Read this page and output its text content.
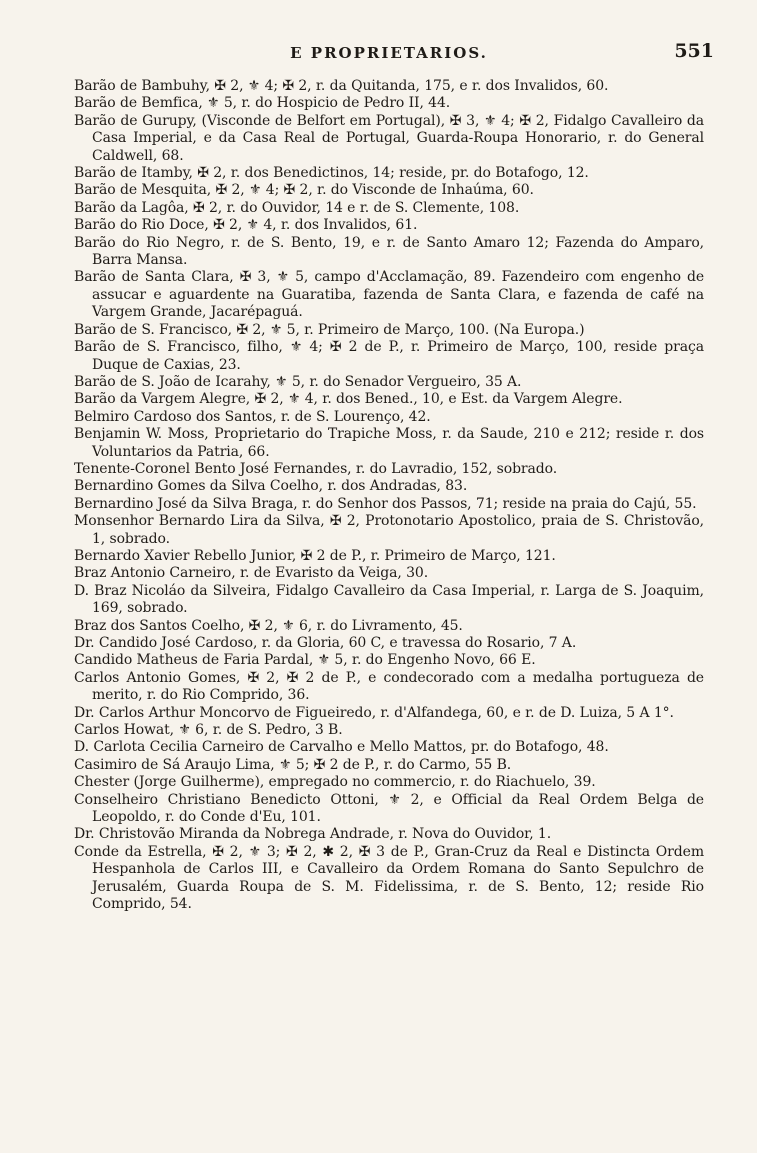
E PROPRIETARIOS.	551

Barão de Bambuhy, ✠ 2, ⚜ 4; ✠ 2, r. da Quitanda, 175, e r. dos Invalidos, 60.

Barão de Bemfica, ⚜ 5, r. do Hospicio de Pedro II, 44.

Barão de Gurupy, (Visconde de Belfort em Portugal), ✠ 3, ⚜ 4; ✠ 2, Fidalgo Cavalleiro da Casa Imperial, e da Casa Real de Portugal, Guarda-Roupa Honorario, r. do General Caldwell, 68.

Barão de Itamby, ✠ 2, r. dos Benedictinos, 14; reside, pr. do Botafogo, 12.

Barão de Mesquita, ✠ 2, ⚜ 4; ✠ 2, r. do Visconde de Inhaúma, 60.

Barão da Lagôa, ✠ 2, r. do Ouvidor, 14 e r. de S. Clemente, 108.

Barão do Rio Doce, ✠ 2, ⚜ 4, r. dos Invalidos, 61.

Barão do Rio Negro, r. de S. Bento, 19, e r. de Santo Amaro 12; Fazenda do Amparo, Barra Mansa.

Barão de Santa Clara, ✠ 3, ⚜ 5, campo d'Acclamação, 89. Fazendeiro com engenho de assucar e aguardente na Guaratiba, fazenda de Santa Clara, e fazenda de café na Vargem Grande, Jacarépaguá.

Barão de S. Francisco, ✠ 2, ⚜ 5, r. Primeiro de Março, 100. (Na Europa.)

Barão de S. Francisco, filho, ⚜ 4; ✠ 2 de P., r. Primeiro de Março, 100, reside praça Duque de Caxias, 23.

Barão de S. João de Icarahy, ⚜ 5, r. do Senador Vergueiro, 35 A.

Barão da Vargem Alegre, ✠ 2, ⚜ 4, r. dos Bened., 10, e Est. da Vargem Alegre.

Belmiro Cardoso dos Santos, r. de S. Lourenço, 42.

Benjamin W. Moss, Proprietario do Trapiche Moss, r. da Saude, 210 e 212; reside r. dos Voluntarios da Patria, 66.

Tenente-Coronel Bento José Fernandes, r. do Lavradio, 152, sobrado.

Bernardino Gomes da Silva Coelho, r. dos Andradas, 83.

Bernardino José da Silva Braga, r. do Senhor dos Passos, 71; reside na praia do Cajú, 55.

Monsenhor Bernardo Lira da Silva, ✠ 2, Protonotario Apostolico, praia de S. Christovão, 1, sobrado.

Bernardo Xavier Rebello Junior, ✠ 2 de P., r. Primeiro de Março, 121.

Braz Antonio Carneiro, r. de Evaristo da Veiga, 30.

D. Braz Nicoláo da Silveira, Fidalgo Cavalleiro da Casa Imperial, r. Larga de S. Joaquim, 169, sobrado.

Braz dos Santos Coelho, ✠ 2, ⚜ 6, r. do Livramento, 45.

Dr. Candido José Cardoso, r. da Gloria, 60 C, e travessa do Rosario, 7 A.

Candido Matheus de Faria Pardal, ⚜ 5, r. do Engenho Novo, 66 E.

Carlos Antonio Gomes, ✠ 2, ✠ 2 de P., e condecorado com a medalha portugueza de merito, r. do Rio Comprido, 36.

Dr. Carlos Arthur Moncorvo de Figueiredo, r. d'Alfandega, 60, e r. de D. Luiza, 5 A 1°.

Carlos Howat, ⚜ 6, r. de S. Pedro, 3 B.

D. Carlota Cecilia Carneiro de Carvalho e Mello Mattos, pr. do Botafogo, 48.

Casimiro de Sá Araujo Lima, ⚜ 5; ✠ 2 de P., r. do Carmo, 55 B.

Chester (Jorge Guilherme), empregado no commercio, r. do Riachuelo, 39.

Conselheiro Christiano Benedicto Ottoni, ⚜ 2, e Official da Real Ordem Belga de Leopoldo, r. do Conde d'Eu, 101.

Dr. Christovão Miranda da Nobrega Andrade, r. Nova do Ouvidor, 1.

Conde da Estrella, ✠ 2, ⚜ 3; ✠ 2, ✱ 2, ✠ 3 de P., Gran-Cruz da Real e Distincta Ordem Hespanhola de Carlos III, e Cavalleiro da Ordem Romana do Santo Sepulchro de Jerusalém, Guarda Roupa de S. M. Fidelissima, r. de S. Bento, 12; reside Rio Comprido, 54.
